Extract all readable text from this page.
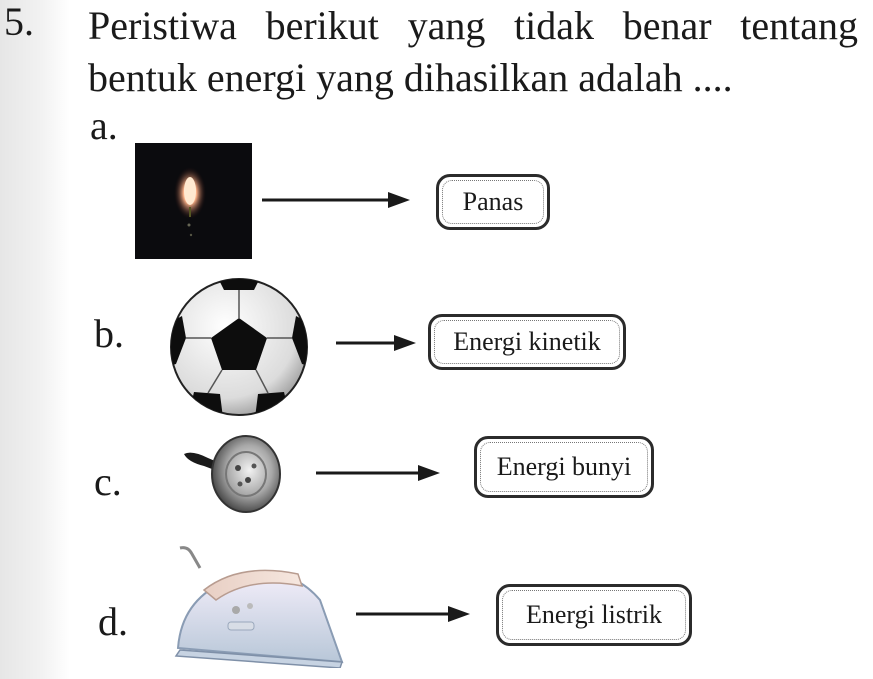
5. Peristiwa berikut yang tidak benar tentang bentuk energi yang dihasilkan adalah ....
a.
Panas
b.	Energi kinetik
c.	Energi bunyi
d.	Energi listrik
